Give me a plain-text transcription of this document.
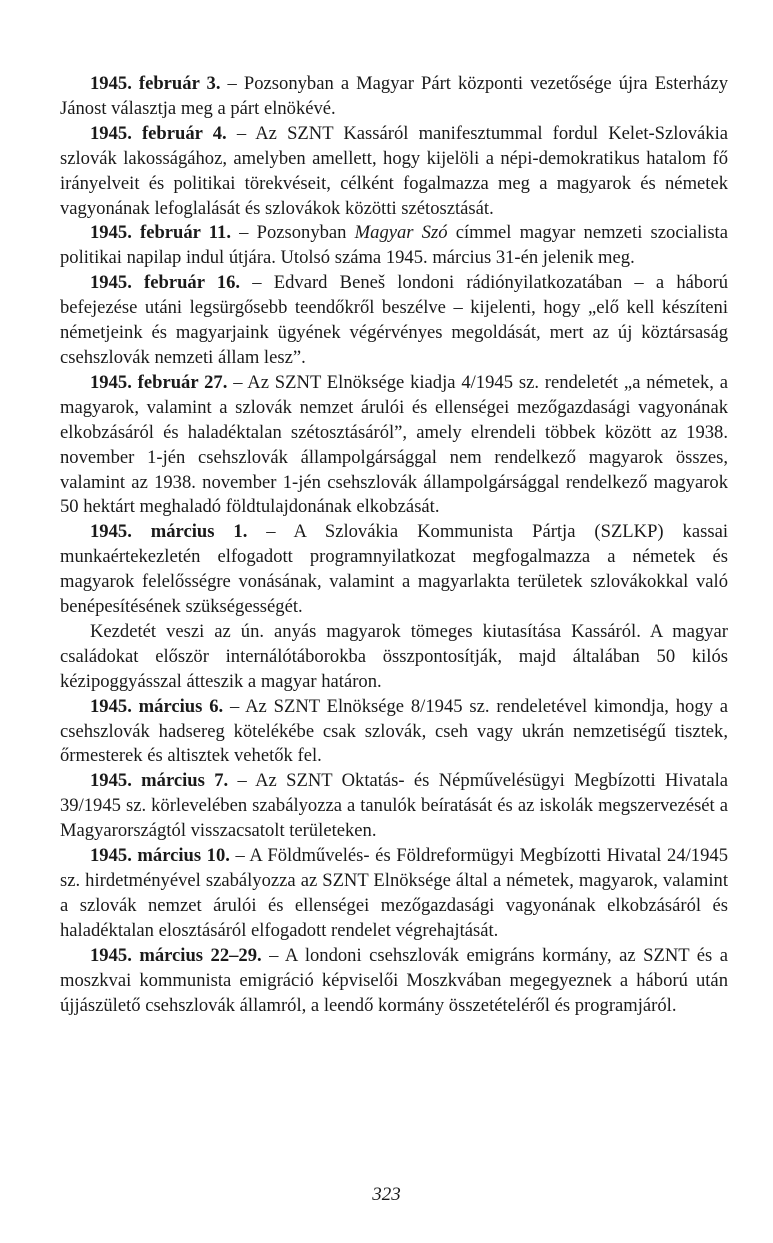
1945. február 3. – Pozsonyban a Magyar Párt központi vezetősége újra Esterházy Jánost választja meg a párt elnökévé.

1945. február 4. – Az SZNT Kassáról manifesztummal fordul Kelet-Szlovákia szlovák lakosságához, amelyben amellett, hogy kijelöli a népi-demokratikus hatalom fő irányelveit és politikai törekvéseit, célként fogalmazza meg a magyarok és németek vagyonának lefoglalását és szlovákok közötti szétosztását.

1945. február 11. – Pozsonyban Magyar Szó címmel magyar nemzeti szocialista politikai napilap indul útjára. Utolsó száma 1945. március 31-én jelenik meg.

1945. február 16. – Edvard Beneš londoni rádiónyilatkozatában – a háború befejezése utáni legsürgősebb teendőkről beszélve – kijelenti, hogy „elő kell készíteni németjeink és magyarjaink ügyének végérvényes megoldását, mert az új köztársaság csehszlovák nemzeti állam lesz”.

1945. február 27. – Az SZNT Elnöksége kiadja 4/1945 sz. rendeletét „a németek, a magyarok, valamint a szlovák nemzet árulói és ellenségei mezőgazdasági vagyonának elkobzásáról és haladéktalan szétosztásáról”, amely elrendeli többek között az 1938. november 1-jén csehszlovák állampolgársággal nem rendelkező magyarok összes, valamint az 1938. november 1-jén csehszlovák állampolgársággal rendelkező magyarok 50 hektárt meghaladó földtulajdonának elkobzását.

1945. március 1. – A Szlovákia Kommunista Pártja (SZLKP) kassai munkaértekezletén elfogadott programnyilatkozat megfogalmazza a németek és magyarok felelősségre vonásának, valamint a magyarlakta területek szlovákokkal való benépesítésének szükségességét.

Kezdetét veszi az ún. anyás magyarok tömeges kiutasítása Kassáról. A magyar családokat először internálótáborokba összpontosítják, majd általában 50 kilós kézipoggyásszal átteszik a magyar határon.

1945. március 6. – Az SZNT Elnöksége 8/1945 sz. rendeletével kimondja, hogy a csehszlovák hadsereg kötelékébe csak szlovák, cseh vagy ukrán nemzetiségű tisztek, őrmesterek és altisztek vehetők fel.

1945. március 7. – Az SZNT Oktatás- és Népművelésügyi Megbízotti Hivatala 39/1945 sz. körlevelében szabályozza a tanulók beíratását és az iskolák megszervezését a Magyarországtól visszacsatolt területeken.

1945. március 10. – A Földművelés- és Földreformügyi Megbízotti Hivatal 24/1945 sz. hirdetményével szabályozza az SZNT Elnöksége által a németek, magyarok, valamint a szlovák nemzet árulói és ellenségei mezőgazdasági vagyonának elkobzásáról és haladéktalan elosztásáról elfogadott rendelet végrehajtását.

1945. március 22–29. – A londoni csehszlovák emigráns kormány, az SZNT és a moszkvai kommunista emigráció képviselői Moszkvában megegyeznek a háború után újjászülető csehszlovák államról, a leendő kormány összetételéről és programjáról.

323
